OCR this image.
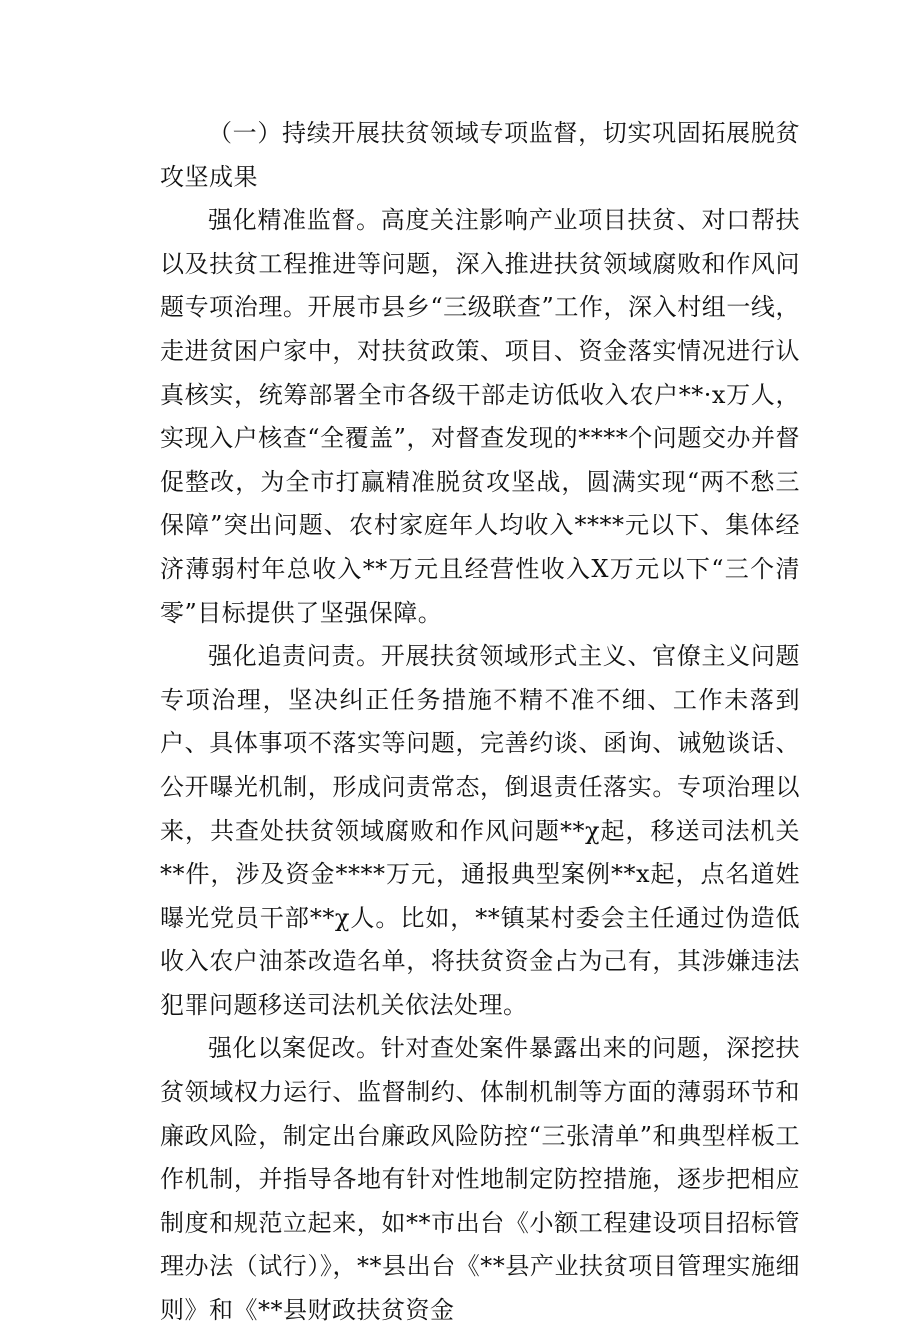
（一）持续开展扶贫领域专项监督，切实巩固拓展脱贫攻坚成果

强化精准监督。高度关注影响产业项目扶贫、对口帮扶以及扶贫工程推进等问题，深入推进扶贫领域腐败和作风问题专项治理。开展市县乡“三级联查”工作，深入村组一线，走进贫困户家中，对扶贫政策、项目、资金落实情况进行认真核实，统筹部署全市各级干部走访低收入农户**·x万人，实现入户核查“全覆盖”，对督查发现的****个问题交办并督促整改，为全市打赢精准脱贫攻坚战，圆满实现“两不愁三保障”突出问题、农村家庭年人均收入****元以下、集体经济薄弱村年总收入**万元且经营性收入X万元以下“三个清零”目标提供了坚强保障。

强化追责问责。开展扶贫领域形式主义、官僚主义问题专项治理，坚决纠正任务措施不精不准不细、工作未落到户、具体事项不落实等问题，完善约谈、函询、诫勉谈话、公开曝光机制，形成问责常态，倒退责任落实。专项治理以来，共查处扶贫领域腐败和作风问题**χ起，移送司法机关**件，涉及资金****万元，通报典型案例**x起，点名道姓曝光党员干部**χ人。比如，**镇某村委会主任通过伪造低收入农户油茶改造名单，将扶贫资金占为己有，其涉嫌违法犯罪问题移送司法机关依法处理。

强化以案促改。针对查处案件暴露出来的问题，深挖扶贫领域权力运行、监督制约、体制机制等方面的薄弱环节和廉政风险，制定出台廉政风险防控“三张清单”和典型样板工作机制，并指导各地有针对性地制定防控措施，逐步把相应制度和规范立起来，如**市出台《小额工程建设项目招标管理办法（试行）》，**县出台《**县产业扶贫项目管理实施细则》和《**县财政扶贫资金
